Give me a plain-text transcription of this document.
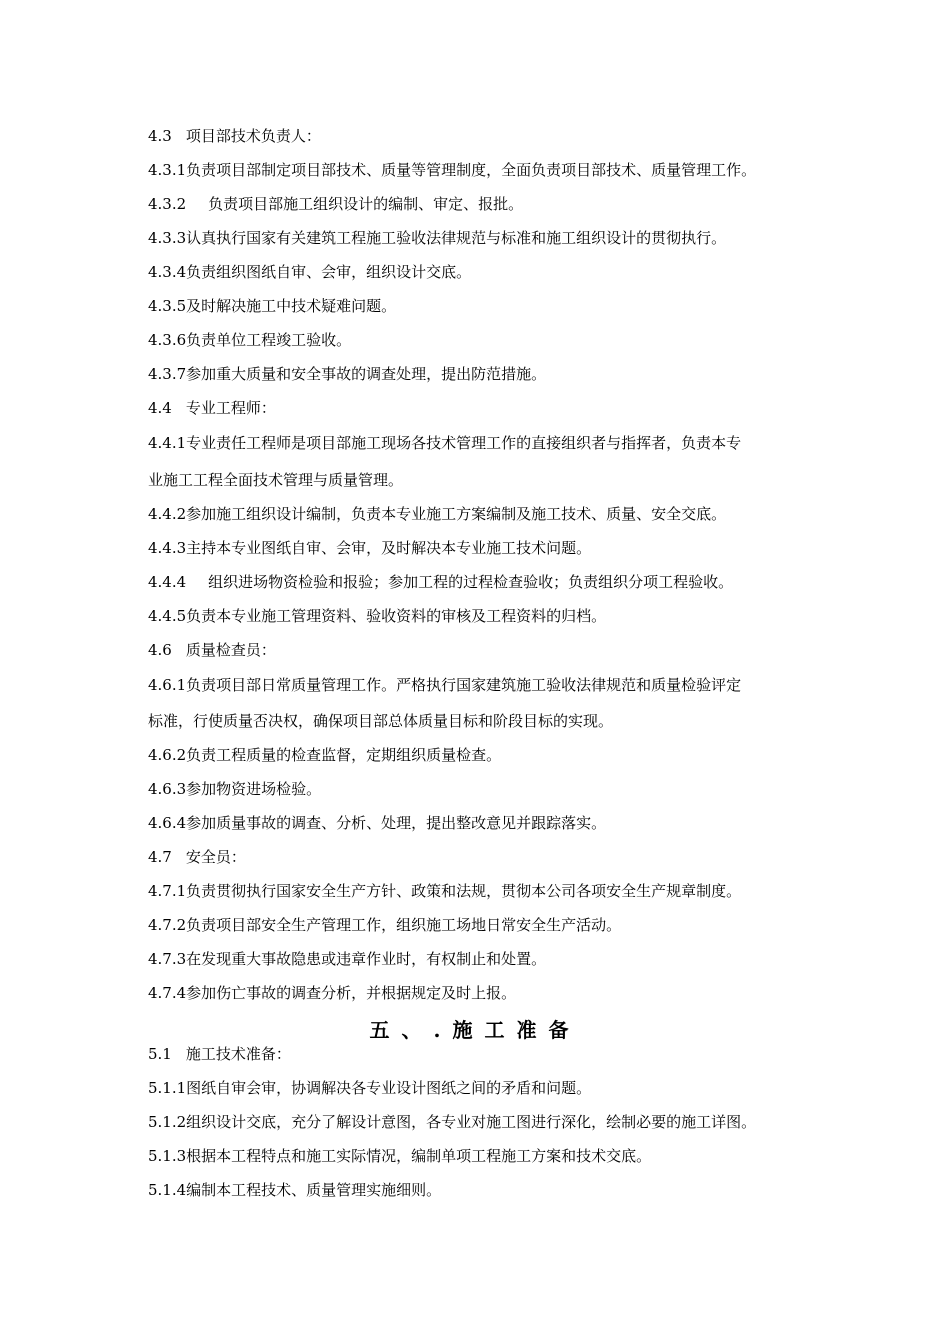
4.3 项目部技术负责人：
4.3.1负责项目部制定项目部技术、质量等管理制度，全面负责项目部技术、质量管理工作。
4.3.2 负责项目部施工组织设计的编制、审定、报批。
4.3.3认真执行国家有关建筑工程施工验收法律规范与标准和施工组织设计的贯彻执行。
4.3.4负责组织图纸自审、会审，组织设计交底。
4.3.5及时解决施工中技术疑难问题。
4.3.6负责单位工程竣工验收。
4.3.7参加重大质量和安全事故的调查处理，提出防范措施。
4.4 专业工程师：
4.4.1专业责任工程师是项目部施工现场各技术管理工作的直接组织者与指挥者，负责本专
业施工工程全面技术管理与质量管理。
4.4.2参加施工组织设计编制，负责本专业施工方案编制及施工技术、质量、安全交底。
4.4.3主持本专业图纸自审、会审，及时解决本专业施工技术问题。
4.4.4 组织进场物资检验和报验；参加工程的过程检查验收；负责组织分项工程验收。
4.4.5负责本专业施工管理资料、验收资料的审核及工程资料的归档。
4.6 质量检查员：
4.6.1负责项目部日常质量管理工作。严格执行国家建筑施工验收法律规范和质量检验评定
标准，行使质量否决权，确保项目部总体质量目标和阶段目标的实现。
4.6.2负责工程质量的检查监督，定期组织质量检查。
4.6.3参加物资进场检验。
4.6.4参加质量事故的调查、分析、处理，提出整改意见并跟踪落实。
4.7 安全员：
4.7.1负责贯彻执行国家安全生产方针、政策和法规，贯彻本公司各项安全生产规章制度。
4.7.2负责项目部安全生产管理工作，组织施工场地日常安全生产活动。
4.7.3在发现重大事故隐患或违章作业时，有权制止和处置。
4.7.4参加伤亡事故的调查分析，并根据规定及时上报。
五、.施工准备
5.1 施工技术准备：
5.1.1图纸自审会审，协调解决各专业设计图纸之间的矛盾和问题。
5.1.2组织设计交底，充分了解设计意图，各专业对施工图进行深化，绘制必要的施工详图。
5.1.3根据本工程特点和施工实际情况，编制单项工程施工方案和技术交底。
5.1.4编制本工程技术、质量管理实施细则。
